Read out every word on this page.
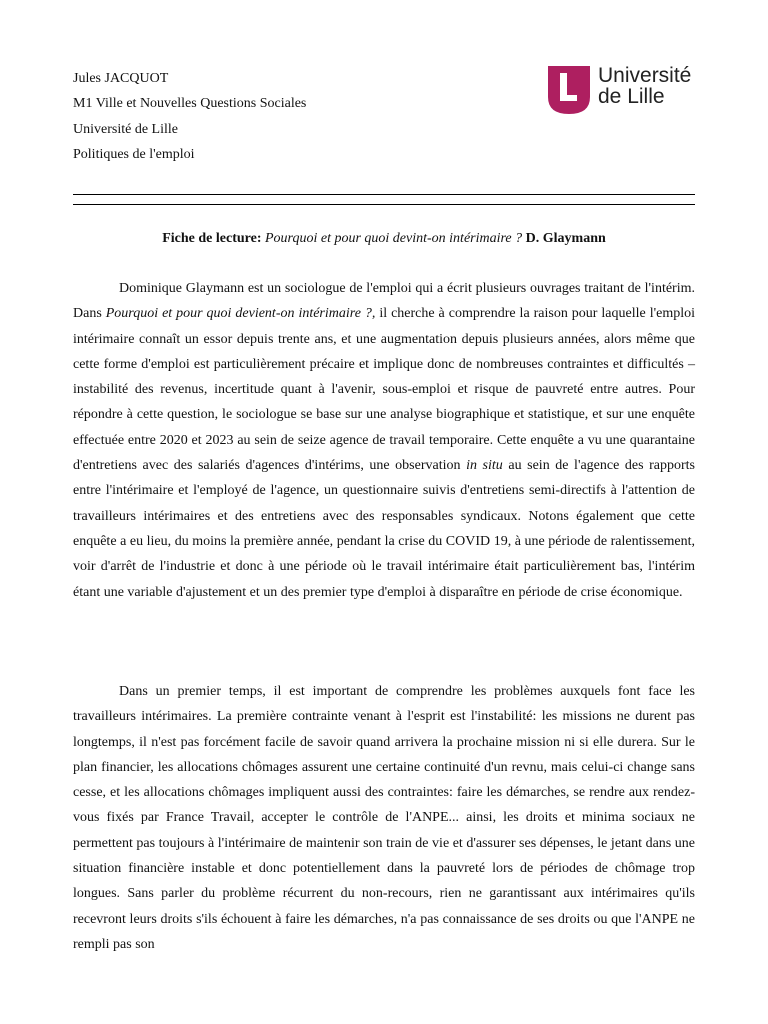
Jules JACQUOT
M1 Ville et Nouvelles Questions Sociales
Université de Lille
Politiques de l'emploi
Université
de Lille
Fiche de lecture: Pourquoi et pour quoi devint-on intérimaire ? D. Glaymann

Dominique Glaymann est un sociologue de l'emploi qui a écrit plusieurs ouvrages traitant de l'intérim. Dans Pourquoi et pour quoi devient-on intérimaire ?, il cherche à comprendre la raison pour laquelle l'emploi intérimaire connaît un essor depuis trente ans, et une augmentation depuis plusieurs années, alors même que cette forme d'emploi est particulièrement précaire et implique donc de nombreuses contraintes et difficultés – instabilité des revenus, incertitude quant à l'avenir, sous-emploi et risque de pauvreté entre autres. Pour répondre à cette question, le sociologue se base sur une analyse biographique et statistique, et sur une enquête effectuée entre 2020 et 2023 au sein de seize agence de travail temporaire. Cette enquête a vu une quarantaine d'entretiens avec des salariés d'agences d'intérims, une observation in situ au sein de l'agence des rapports entre l'intérimaire et l'employé de l'agence, un questionnaire suivis d'entretiens semi-directifs à l'attention de travailleurs intérimaires et des entretiens avec des responsables syndicaux. Notons également que cette enquête a eu lieu, du moins la première année, pendant la crise du COVID 19, à une période de ralentissement, voir d'arrêt de l'industrie et donc à une période où le travail intérimaire était particulièrement bas, l'intérim étant une variable d'ajustement et un des premier type d'emploi à disparaître en période de crise économique.

Dans un premier temps, il est important de comprendre les problèmes auxquels font face les travailleurs intérimaires. La première contrainte venant à l'esprit est l'instabilité: les missions ne durent pas longtemps, il n'est pas forcément facile de savoir quand arrivera la prochaine mission ni si elle durera. Sur le plan financier, les allocations chômages assurent une certaine continuité d'un revnu, mais celui-ci change sans cesse, et les allocations chômages impliquent aussi des contraintes: faire les démarches, se rendre aux rendez-vous fixés par France Travail, accepter le contrôle de l'ANPE... ainsi, les droits et minima sociaux ne permettent pas toujours à l'intérimaire de maintenir son train de vie et d'assurer ses dépenses, le jetant dans une situation financière instable et donc potentiellement dans la pauvreté lors de périodes de chômage trop longues. Sans parler du problème récurrent du non-recours, rien ne garantissant aux intérimaires qu'ils recevront leurs droits s'ils échouent à faire les démarches, n'a pas connaissance de ses droits ou que l'ANPE ne rempli pas son
